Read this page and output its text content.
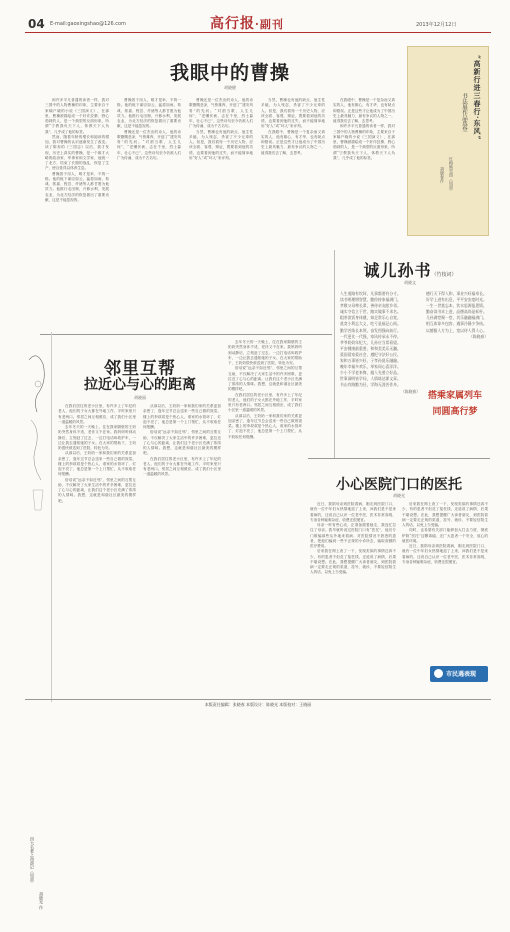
04 E-mail:gaoxingshao@126.com	高行报·副刊	2013年12月12日
我眼中的曹操
胡晓健

和许多平凡普通的读者一样，我对三国中的人物曹操的印象，主要来自于家喻户晓的小说《三国演义》，在那里，曹操被描绘成一个奸诈狡猾、野心勃勃的人，是一个典型的反面形象，所谓“宁教我负天下人，休教天下人负我”，几乎成了他的标签。

然而，随着年龄的增长和阅读的增加，我对曹操的认识逐渐发生了改变。读了陈寿的《三国志》以后，我才发现，历史上真实的曹操，是一个雄才大略的政治家、军事家和文学家，他统一了北方，结束了长期的战乱，恢复了生产，使百姓得以休养生息。

曹操善于用人，唯才是举，不拘一格。他的帐下谋臣如云，猛将如雨，荀彧、郭嘉、程昱、许褚等人都甘愿为他效力。他推行屯田制，兴修水利，发展农业，为北方经济的恢复做出了重要贡献，这是不能忽视的。

曹操善于用人，唯才是举，不拘一格。他的帐下谋臣如云，猛将如雨，荀彧、郭嘉、程昱、许褚等人都甘愿为他效力。他推行屯田制，兴修水利，发展农业，为北方经济的恢复做出了重要贡献，这是不能忽视的。

曹操还是一位杰出的诗人，他的诗歌慷慨悲凉，气势雄浑，开创了“建安风骨”的先河。“对酒当歌，人生几何”，“老骥伏枥，志在千里，烈士暮年，壮心不已”，这些诗句至今仍被人们广为传诵，成为千古名句。

曹操还是一位杰出的诗人，他的诗歌慷慨悲凉，气势雄浑，开创了“建安风骨”的先河。“对酒当歌，人生几何”，“老骥伏枥，志在千里，烈士暮年，壮心不已”，这些诗句至今仍被人们广为传诵，成为千古名句。

当然，曹操也有他的缺点，他生性多疑，为人残忍，杀害了不少无辜的人。但是，我们看待一个历史人物，应该全面、客观、辩证，既要看到他的功绩，也要看到他的过失，而不能简单地用“好人”或“坏人”来评判。

当然，曹操也有他的缺点，他生性多疑，为人残忍，杀害了不少无辜的人。但是，我们看待一个历史人物，应该全面、客观、辩证，既要看到他的功绩，也要看到他的过失，而不能简单地用“好人”或“坏人”来评判。

在我眼中，曹操是一个复杂而又真实的人，他有雄心，有才华，也有缺点和错误。正是这些才让他成为了中国历史上最具魅力、最有争议的人物之一，值得我们去了解，去思考。

在我眼中，曹操是一个复杂而又真实的人，他有雄心，有才华，也有缺点和错误。正是这些才让他成为了中国历史上最具魅力、最有争议的人物之一，值得我们去了解，去思考。

和许多平凡普通的读者一样，我对三国中的人物曹操的印象，主要来自于家喻户晓的小说《三国演义》，在那里，曹操被描绘成一个奸诈狡猾、野心勃勃的人，是一个典型的反面形象，所谓“宁教我负天下人，休教天下人负我”，几乎成了他的标签。

“高新行进三春行·东风”
书法展作品选登
红梅映雪图（局部）
胡晓春作
诚儿孙书（竹枝词）
胡晓文
人生道路有坎坷，凡事都要有分寸。
读书明理增智慧，勤俭持家福满门。
孝敬父母尊长辈，善待亲友睦乡邻。
诚实守信立于世，踏实做事不求名。
粗茶淡饭身体健，知足常乐心自宽。
莫贪小利忘大义，吃亏是福记心间。
勤学苦练长本领，奋发图强向前行。
一代更比一代强，家风传承永不停。
爷爷奶奶年纪大，儿孙应当常看望。
平安健康最重要，和和美美乐无疆。
爱国爱家爱社会，遵纪守法好公民。
家和万事皆兴旺，子孝孙贤乐融融。
晚年幸福多欢乐，举家同心喜洋洋。
少小不学老来悔，做人先要立好品。
世事洞明皆学问，人情练达即文章。
书山有路勤为径，学海无涯苦作舟。
（陈晓春）
德行天下得人和，事业兴旺福寿长。
好学上进有出息，平平安安度时光。
一生一世莫忘本，饮水思源报恩情。
勤奋读书求上进，品德高尚是标杆。
儿孙满堂聚一堂，其乐融融福满门。
相互体谅多包容，遇事冷静少争执。
以德服人方为上，宽以待人得人心。
（陈晓春）
搭乘家属列车
同圆高行梦
四大名著之西游记（局部）
胡晓光 作
邻里互帮
拉近心与心的距离
胡晓丽

在我们居住的老小区里，有许多上了年纪的老人，他们的子女大都在外地工作，平时家里只有老两口。邻居之间互相照应，成了我们小区里一道温暖的风景。

去年冬天的一天晚上，住在我家隔壁的王奶奶突然身体不适，老伴又不在家。我妈妈听到动静后，立刻赶了过去，一边打电话叫救护车，一边让我去通知她的子女。在大家的帮助下，王奶奶很快被送到了医院，转危为安。

从那以后，王奶奶一家和我们家的关系更加亲密了，逢年过节总会送来一些自己做的饭菜。楼上的李叔叔是个热心人，谁家的水管坏了、灯泡不亮了，他总是第一个上门帮忙，从不收取任何报酬。

俗话说“远亲不如近邻”，邻里之间的互帮互助，不仅解决了大家生活中的许多困难，更拉近了心与心的距离，让我们这个老小区充满了浓浓的人情味。我想，这就是和谐社区最美的模样吧。

从那以后，王奶奶一家和我们家的关系更加亲密了，逢年过节总会送来一些自己做的饭菜。楼上的李叔叔是个热心人，谁家的水管坏了、灯泡不亮了，他总是第一个上门帮忙，从不收取任何报酬。

俗话说“远亲不如近邻”，邻里之间的互帮互助，不仅解决了大家生活中的许多困难，更拉近了心与心的距离，让我们这个老小区充满了浓浓的人情味。我想，这就是和谐社区最美的模样吧。

在我们居住的老小区里，有许多上了年纪的老人，他们的子女大都在外地工作，平时家里只有老两口。邻居之间互相照应，成了我们小区里一道温暖的风景。

去年冬天的一天晚上，住在我家隔壁的王奶奶突然身体不适，老伴又不在家。我妈妈听到动静后，立刻赶了过去，一边打电话叫救护车，一边让我去通知她的子女。在大家的帮助下，王奶奶很快被送到了医院，转危为安。

俗话说“远亲不如近邻”，邻里之间的互帮互助，不仅解决了大家生活中的许多困难，更拉近了心与心的距离，让我们这个老小区充满了浓浓的人情味。我想，这就是和谐社区最美的模样吧。

在我们居住的老小区里，有许多上了年纪的老人，他们的子女大都在外地工作，平时家里只有老两口。邻居之间互相照应，成了我们小区里一道温暖的风景。

从那以后，王奶奶一家和我们家的关系更加亲密了，逢年过节总会送来一些自己做的饭菜。楼上的李叔叔是个热心人，谁家的水管坏了、灯泡不亮了，他总是第一个上门帮忙，从不收取任何报酬。

小心医院门口的医托
胡晓光

近日，我陪母亲到医院看病，刚走到医院门口，就有一位中年妇女热情地迎了上来，问我们是不是来看病的，还说自己认识一位老中医，医术非常高明，专治各种疑难杂症，收费还很便宜。

母亲一听有些心动，正准备跟着她走，我连忙拉住了母亲。我早就听说过医院门口有“医托”，他们专门欺骗那些从外地来看病、对医院情况不熟悉的患者，把他们骗到一些不正规的小诊所去，骗取高额的医疗费用。

后来我在网上查了一下，发现类似的事情还真不少，有的患者不但花了冤枉钱，还延误了病情，后果不堪设想。在此，我想提醒广大读者朋友，到医院看病一定要走正规的渠道，挂号、就诊，不要轻信陌生人的话，以免上当受骗。

后来我在网上查了一下，发现类似的事情还真不少，有的患者不但花了冤枉钱，还延误了病情，后果不堪设想。在此，我想提醒广大读者朋友，到医院看病一定要走正规的渠道，挂号、就诊，不要轻信陌生人的话，以免上当受骗。

同时，也希望有关部门能够加大打击力度，彻底铲除“医托”这颗毒瘤，还广大患者一个安全、放心的就医环境。

近日，我陪母亲到医院看病，刚走到医院门口，就有一位中年妇女热情地迎了上来，问我们是不是来看病的，还说自己认识一位老中医，医术非常高明，专治各种疑难杂症，收费还很便宜。

市民遇表现
本版责任编辑：张晓春 本版设计：陈晓光 本版校对：王晓丽
